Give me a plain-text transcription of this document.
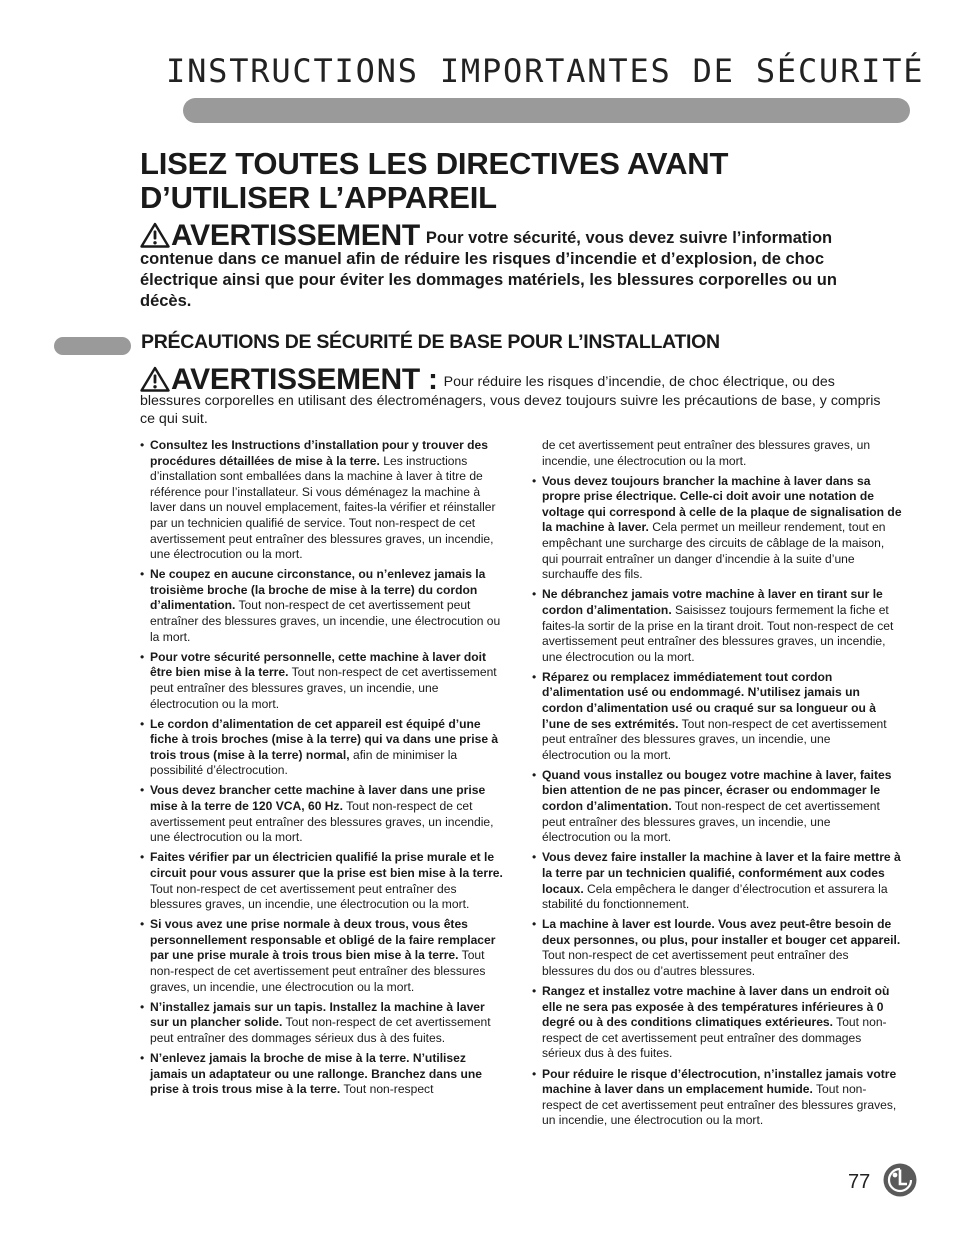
INSTRUCTIONS IMPORTANTES DE SÉCURITÉ
LISEZ TOUTES LES DIRECTIVES AVANT
D’UTILISER L’APPAREIL
AVERTISSEMENT Pour votre sécurité, vous devez suivre l’information contenue dans ce manuel afin de réduire les risques d’incendie et d’explosion, de choc électrique ainsi que pour éviter les dommages matériels, les blessures corporelles ou un décès.
PRÉCAUTIONS DE SÉCURITÉ DE BASE POUR L’INSTALLATION
AVERTISSEMENT : Pour réduire les risques d’incendie, de choc électrique, ou des blessures corporelles en utilisant des électroménagers, vous devez toujours suivre les précautions de base, y compris ce qui suit.

• Consultez les Instructions d’installation pour y trouver des procédures détaillées de mise à la terre. Les instructions d’installation sont emballées dans la machine à laver à titre de référence pour l’installateur. Si vous déménagez la machine à laver dans un nouvel emplacement, faites-la vérifier et réinstaller par un technicien qualifié de service. Tout non-respect de cet avertissement peut entraîner des blessures graves, un incendie, une électrocution ou la mort.

• Ne coupez en aucune circonstance, ou n’enlevez jamais la troisième broche (la broche de mise à la terre) du cordon d’alimentation. Tout non-respect de cet avertissement peut entraîner des blessures graves, un incendie, une électrocution ou la mort.

• Pour votre sécurité personnelle, cette machine à laver doit être bien mise à la terre. Tout non-respect de cet avertissement peut entraîner des blessures graves, un incendie, une électrocution ou la mort.

• Le cordon d’alimentation de cet appareil est équipé d’une fiche à trois broches (mise à la terre) qui va dans une prise à trois trous (mise à la terre) normal, afin de minimiser la possibilité d’électrocution.

• Vous devez brancher cette machine à laver dans une prise mise à la terre de 120 VCA, 60 Hz. Tout non-respect de cet avertissement peut entraîner des blessures graves, un incendie, une électrocution ou la mort.

• Faites vérifier par un électricien qualifié la prise murale et le circuit pour vous assurer que la prise est bien mise à la terre. Tout non-respect de cet avertissement peut entraîner des blessures graves, un incendie, une électrocution ou la mort.

• Si vous avez une prise normale à deux trous, vous êtes personnellement responsable et obligé de la faire remplacer par une prise murale à trois trous bien mise à la terre. Tout non-respect de cet avertissement peut entraîner des blessures graves, un incendie, une électrocution ou la mort.

• N’installez jamais sur un tapis. Installez la machine à laver sur un plancher solide. Tout non-respect de cet avertissement peut entraîner des dommages sérieux dus à des fuites.

• N’enlevez jamais la broche de mise à la terre. N’utilisez jamais un adaptateur ou une rallonge. Branchez dans une prise à trois trous mise à la terre. Tout non-respect

de cet avertissement peut entraîner des blessures graves, un incendie, une électrocution ou la mort.

• Vous devez toujours brancher la machine à laver dans sa propre prise électrique. Celle-ci doit avoir une notation de voltage qui correspond à celle de la plaque de signalisation de la machine à laver. Cela permet un meilleur rendement, tout en empêchant une surcharge des circuits de câblage de la maison, qui pourrait entraîner un danger d’incendie à la suite d’une surchauffe des fils.

• Ne débranchez jamais votre machine à laver en tirant sur le cordon d’alimentation. Saisissez toujours fermement la fiche et faites-la sortir de la prise en la tirant droit. Tout non-respect de cet avertissement peut entraîner des blessures graves, un incendie, une électrocution ou la mort.

• Réparez ou remplacez immédiatement tout cordon d’alimentation usé ou endommagé. N’utilisez jamais un cordon d’alimentation usé ou craqué sur sa longueur ou à l’une de ses extrémités. Tout non-respect de cet avertissement peut entraîner des blessures graves, un incendie, une électrocution ou la mort.

• Quand vous installez ou bougez votre machine à laver, faites bien attention de ne pas pincer, écraser ou endommager le cordon d’alimentation. Tout non-respect de cet avertissement peut entraîner des blessures graves, un incendie, une électrocution ou la mort.

• Vous devez faire installer la machine à laver et la faire mettre à la terre par un technicien qualifié, conformément aux codes locaux. Cela empêchera le danger d’électrocution et assurera la stabilité du fonctionnement.

• La machine à laver est lourde. Vous avez peut-être besoin de deux personnes, ou plus, pour installer et bouger cet appareil. Tout non-respect de cet avertissement peut entraîner des blessures du dos ou d’autres blessures.

• Rangez et installez votre machine à laver dans un endroit où elle ne sera pas exposée à des températures inférieures à 0 degré ou à des conditions climatiques extérieures. Tout non-respect de cet avertissement peut entraîner des dommages sérieux dus à des fuites.

• Pour réduire le risque d’électrocution, n’installez jamais votre machine à laver dans un emplacement humide. Tout non-respect de cet avertissement peut entraîner des blessures graves, un incendie, une électrocution ou la mort.

77
